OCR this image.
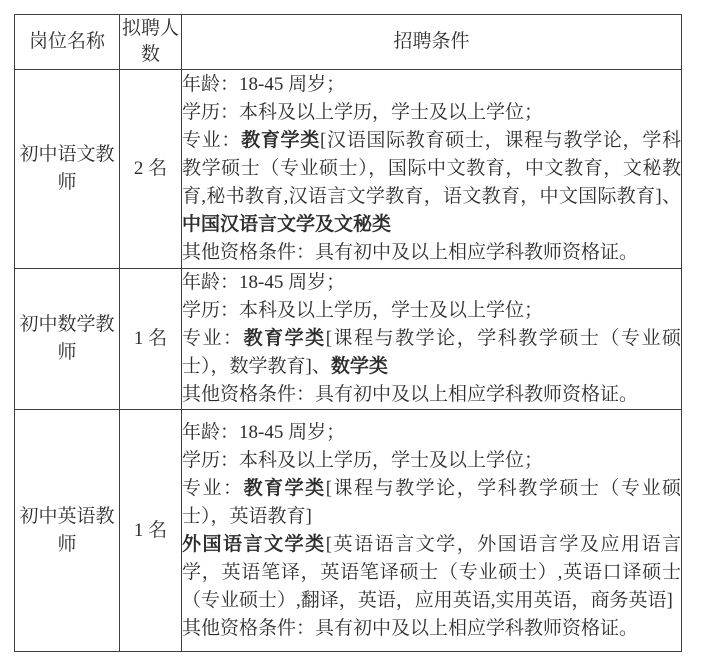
岗位名称	拟聘人数	招聘条件
初中语文教师	2 名	年龄：18-45 周岁；

学历：本科及以上学历，学士及以上学位；

专业：教育学类[汉语国际教育硕士，课程与教学论，学科教学硕士（专业硕士），国际中文教育，中文教育，文秘教育,秘书教育,汉语言文学教育，语文教育，中文国际教育]、中国汉语言文学及文秘类

其他资格条件：具有初中及以上相应学科教师资格证。

初中数学教师	1 名	年龄：18-45 周岁；

学历：本科及以上学历，学士及以上学位；

专业：教育学类[课程与教学论，学科教学硕士（专业硕士），数学教育]、数学类

其他资格条件：具有初中及以上相应学科教师资格证。

初中英语教师	1 名	年龄：18-45 周岁；

学历：本科及以上学历，学士及以上学位；

专业：教育学类[课程与教学论，学科教学硕士（专业硕士），英语教育]

外国语言文学类[英语语言文学，外国语言学及应用语言学，英语笔译，英语笔译硕士（专业硕士）,英语口译硕士（专业硕士）,翻译，英语，应用英语,实用英语，商务英语]

其他资格条件：具有初中及以上相应学科教师资格证。
